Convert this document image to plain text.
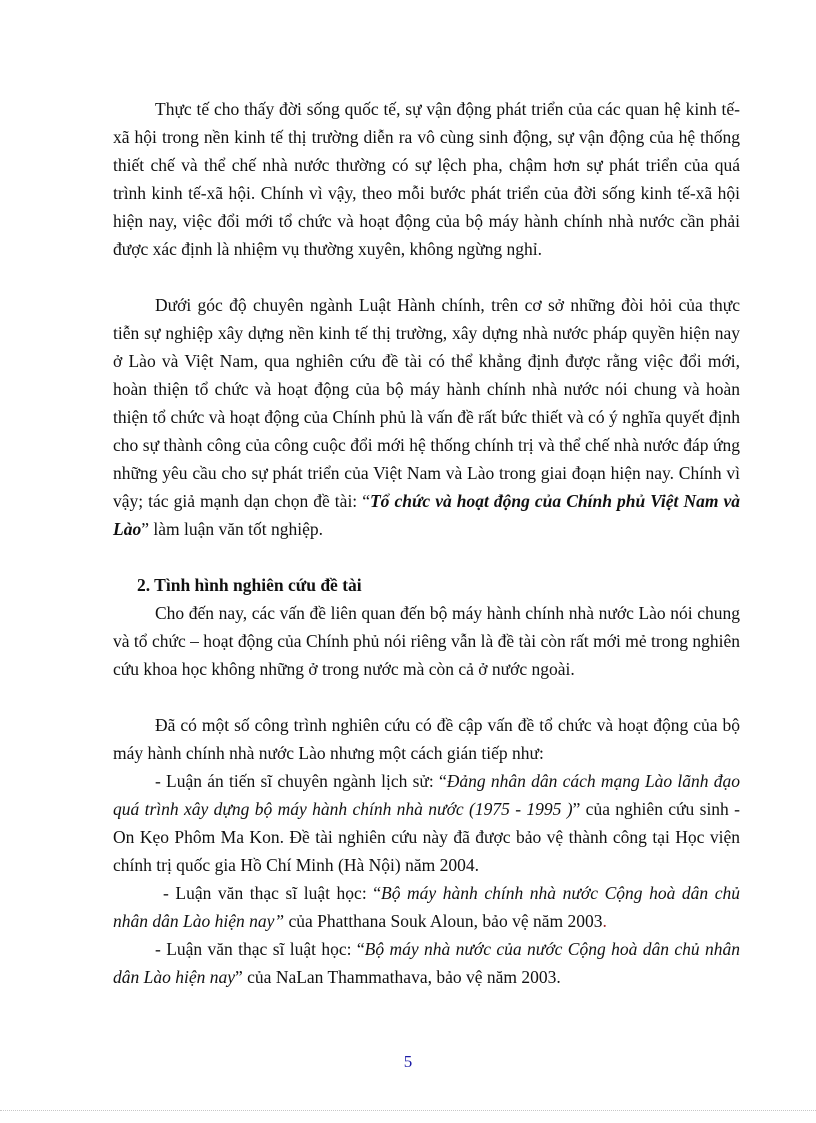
Thực tế cho thấy đời sống quốc tế, sự vận động phát triển của các quan hệ kinh tế-xã hội trong nền kinh tế thị trường diễn ra vô cùng sinh động, sự vận động của hệ thống thiết chế và thể chế nhà nước thường có sự lệch pha, chậm hơn sự phát triển của quá trình kinh tế-xã hội. Chính vì vậy, theo mỗi bước phát triển của đời sống kinh tế-xã hội hiện nay, việc đổi mới tổ chức và hoạt động của bộ máy hành chính nhà nước cần phải được xác định là nhiệm vụ thường xuyên, không ngừng nghỉ.

Dưới góc độ chuyên ngành Luật Hành chính, trên cơ sở những đòi hỏi của thực tiễn sự nghiệp xây dựng nền kinh tế thị trường, xây dựng nhà nước pháp quyền hiện nay ở Lào và Việt Nam, qua nghiên cứu đề tài có thể khẳng định được rằng việc đổi mới, hoàn thiện tổ chức và hoạt động của bộ máy hành chính nhà nước nói chung và hoàn thiện tổ chức và hoạt động của Chính phủ là vấn đề rất bức thiết và có ý nghĩa quyết định cho sự thành công của công cuộc đổi mới hệ thống chính trị và thể chế nhà nước đáp ứng những yêu cầu cho sự phát triển của Việt Nam và Lào trong giai đoạn hiện nay. Chính vì vậy; tác giả mạnh dạn chọn đề tài: “Tổ chức và hoạt động của Chính phủ Việt Nam và Lào” làm luận văn tốt nghiệp.

2. Tình hình nghiên cứu đề tài

Cho đến nay, các vấn đề liên quan đến bộ máy hành chính nhà nước Lào nói chung và tổ chức – hoạt động của Chính phủ nói riêng vẫn là đề tài còn rất mới mẻ trong nghiên cứu khoa học không những ở trong nước mà còn cả ở nước ngoài.

Đã có một số công trình nghiên cứu có đề cập vấn đề tổ chức và hoạt động của bộ máy hành chính nhà nước Lào nhưng một cách gián tiếp như:

- Luận án tiến sĩ chuyên ngành lịch sử: “Đảng nhân dân cách mạng Lào lãnh đạo quá trình xây dựng bộ máy hành chính nhà nước (1975 - 1995 )” của nghiên cứu sinh - On Kẹo Phôm Ma Kon. Đề tài nghiên cứu này đã được bảo vệ thành công tại Học viện chính trị quốc gia Hồ Chí Minh (Hà Nội) năm 2004.

- Luận văn thạc sĩ luật học: “Bộ máy hành chính nhà nước Cộng hoà dân chủ nhân dân Lào hiện nay” của Phatthana Souk Aloun, bảo vệ năm 2003.

- Luận văn thạc sĩ luật học: “Bộ máy nhà nước của nước Cộng hoà dân chủ nhân dân Lào hiện nay” của NaLan Thammathava, bảo vệ năm 2003.

5
